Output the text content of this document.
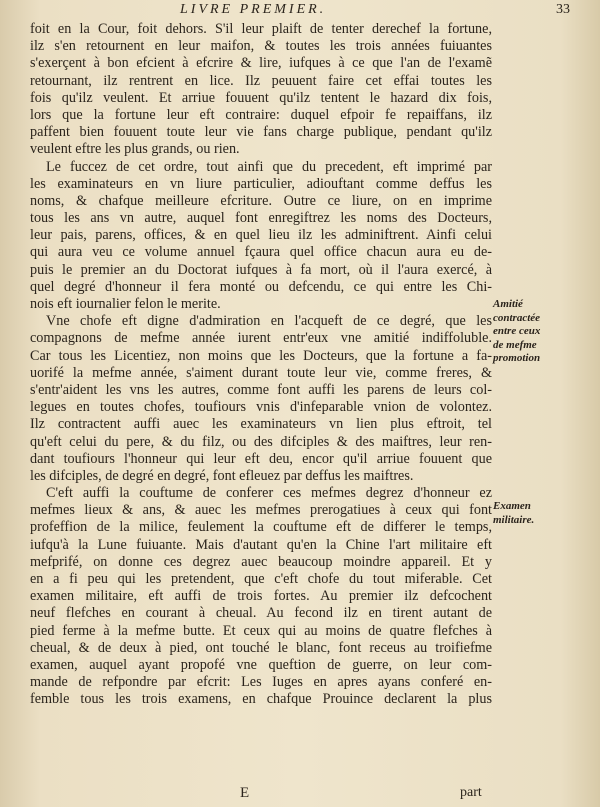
LIVRE PREMIER.	33
foit en la Cour, foit dehors. S'il leur plaift de tenter derechef la fortune,
ilz s'en retournent en leur maifon, & toutes les trois années fuiuantes
s'exerçent à bon efcient à efcrire & lire, iufques à ce que l'an de l'examẽ
retournant, ilz rentrent en lice. Ilz peuuent faire cet effai toutes les
fois qu'ilz veulent. Et arriue fouuent qu'ilz tentent le hazard dix fois,
lors que la fortune leur eft contraire: duquel efpoir fe repaiffans, ilz
paffent bien fouuent toute leur vie fans charge publique, pendant qu'ilz
veulent eftre les plus grands, ou rien.
Le fuccez de cet ordre, tout ainfi que du precedent, eft imprimé par
les examinateurs en vn liure particulier, adiouftant comme deffus les
noms, & chafque meilleure efcriture. Outre ce liure, on en imprime
tous les ans vn autre, auquel font enregiftrez les noms des Docteurs,
leur pais, parens, offices, & en quel lieu ilz les adminiftrent. Ainfi celui
qui aura veu ce volume annuel fçaura quel office chacun aura eu de-
puis le premier an du Doctorat iufques à fa mort, où il l'aura exercé, à
quel degré d'honneur il fera monté ou defcendu, ce qui entre les Chi-
nois eft iournalier felon le merite.
Vne chofe eft digne d'admiration en l'acqueft de ce degré, que les
compagnons de mefme année iurent entr'eux vne amitié indiffoluble.
Car tous les Licentiez, non moins que les Docteurs, que la fortune a fa-
uorifé la mefme année, s'aiment durant toute leur vie, comme freres, &
s'entr'aident les vns les autres, comme font auffi les parens de leurs col-
legues en toutes chofes, toufiours vnis d'infeparable vnion de volontez.
Ilz contractent auffi auec les examinateurs vn lien plus eftroit, tel
qu'eft celui du pere, & du filz, ou des difciples & des maiftres, leur ren-
dant toufiours l'honneur qui leur eft deu, encor qu'il arriue fouuent que
les difciples, de degré en degré, font efleuez par deffus les maiftres.
C'eft auffi la couftume de conferer ces mefmes degrez d'honneur ez
mefmes lieux & ans, & auec les mefmes prerogatiues à ceux qui font
profeffion de la milice, feulement la couftume eft de differer le temps,
iufqu'à la Lune fuiuante. Mais d'autant qu'en la Chine l'art militaire eft
mefprifé, on donne ces degrez auec beaucoup moindre appareil. Et y
en a fi peu qui les pretendent, que c'eft chofe du tout miferable. Cet
examen militaire, eft auffi de trois fortes. Au premier ilz defcochent
neuf flefches en courant à cheual. Au fecond ilz en tirent autant de
pied ferme à la mefme butte. Et ceux qui au moins de quatre flefches à
cheual, & de deux à pied, ont touché le blanc, font receus au troifiefme
examen, auquel ayant propofé vne queftion de guerre, on leur com-
mande de refpondre par efcrit: Les Iuges en apres ayans conferé en-
femble tous les trois examens, en chafque Prouince declarent la plus
Amitié
contractée
entre ceux
de mefme
promotion
Examen
militaire.
E	part
